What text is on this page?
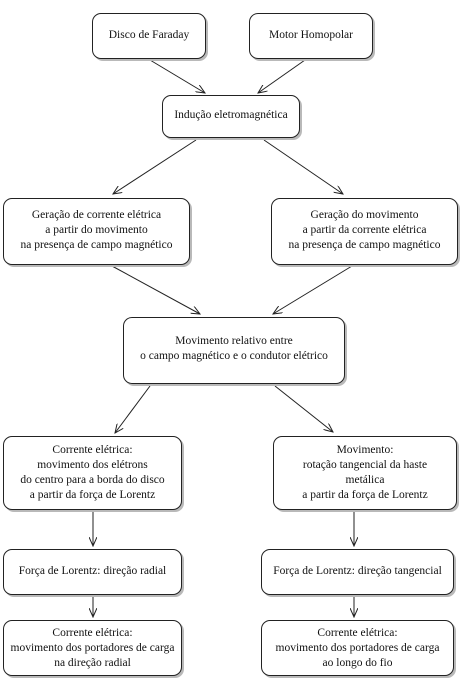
Disco de Faraday	Motor Homopolar
Indução eletromagnética
Geração de corrente elétrica
a partir do movimento
na presença de campo magnético
Geração do movimento
a partir da corrente elétrica
na presença de campo magnético
Movimento relativo entre
o campo magnético e o condutor elétrico
Corrente elétrica:
movimento dos elétrons
do centro para a borda do disco
a partir da força de Lorentz
Movimento:
rotação tangencial da haste
metálica
a partir da força de Lorentz
Força de Lorentz: direção radial	Força de Lorentz: direção tangencial
Corrente elétrica:
movimento dos portadores de carga
na direção radial
Corrente elétrica:
movimento dos portadores de carga
ao longo do fio
